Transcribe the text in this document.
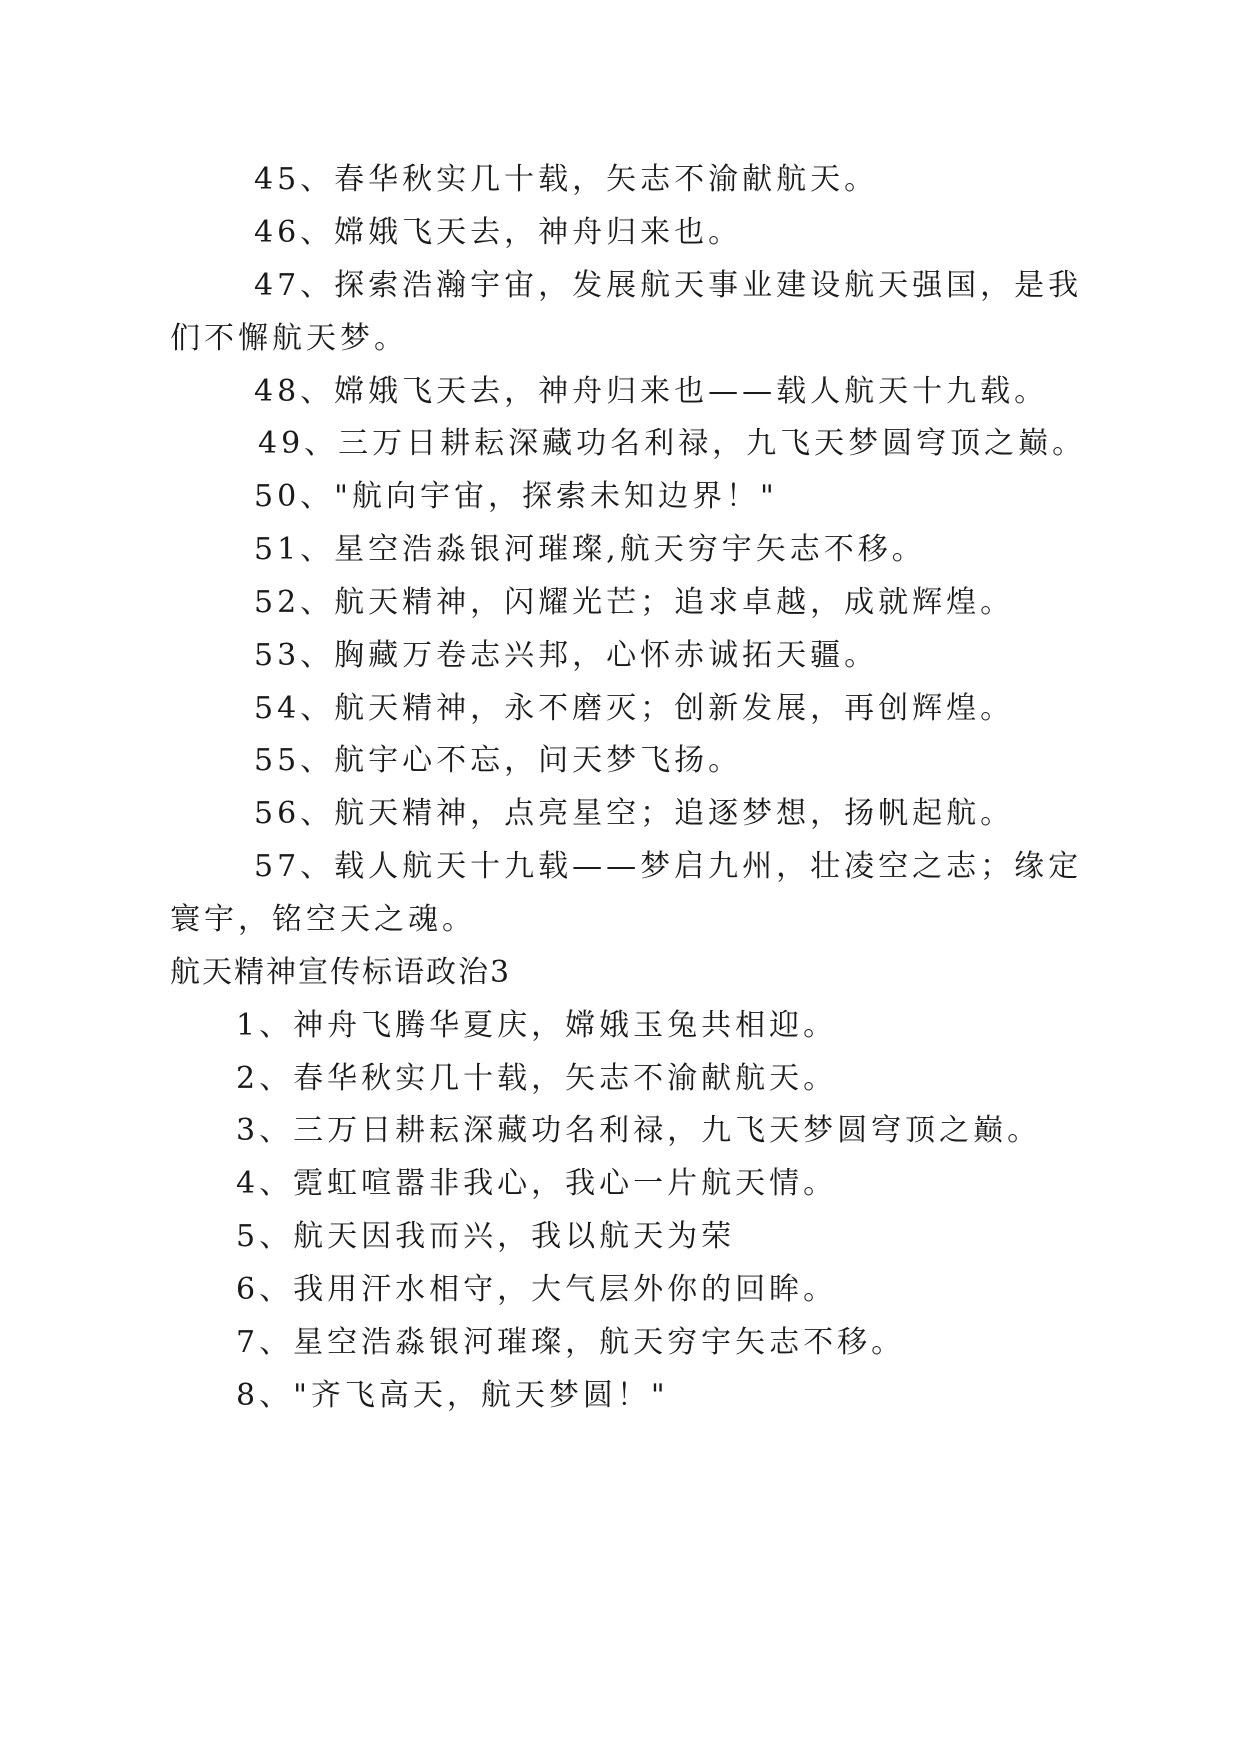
45、春华秋实几十载，矢志不渝献航天。
46、嫦娥飞天去，神舟归来也。
47、探索浩瀚宇宙，发展航天事业建设航天强国，是我
们不懈航天梦。
48、嫦娥飞天去，神舟归来也——载人航天十九载。
49、三万日耕耘深藏功名利禄，九飞天梦圆穹顶之巅。
50、"航向宇宙，探索未知边界！"
51、星空浩淼银河璀璨,航天穷宇矢志不移。
52、航天精神，闪耀光芒；追求卓越，成就辉煌。
53、胸藏万卷志兴邦，心怀赤诚拓天疆。
54、航天精神，永不磨灭；创新发展，再创辉煌。
55、航宇心不忘，问天梦飞扬。
56、航天精神，点亮星空；追逐梦想，扬帆起航。
57、载人航天十九载——梦启九州，壮凌空之志；缘定
寰宇，铭空天之魂。
航天精神宣传标语政治3
1、神舟飞腾华夏庆，嫦娥玉兔共相迎。
2、春华秋实几十载，矢志不渝献航天。
3、三万日耕耘深藏功名利禄，九飞天梦圆穹顶之巅。
4、霓虹喧嚣非我心，我心一片航天情。
5、航天因我而兴，我以航天为荣
6、我用汗水相守，大气层外你的回眸。
7、星空浩淼银河璀璨，航天穷宇矢志不移。
8、"齐飞高天，航天梦圆！"
